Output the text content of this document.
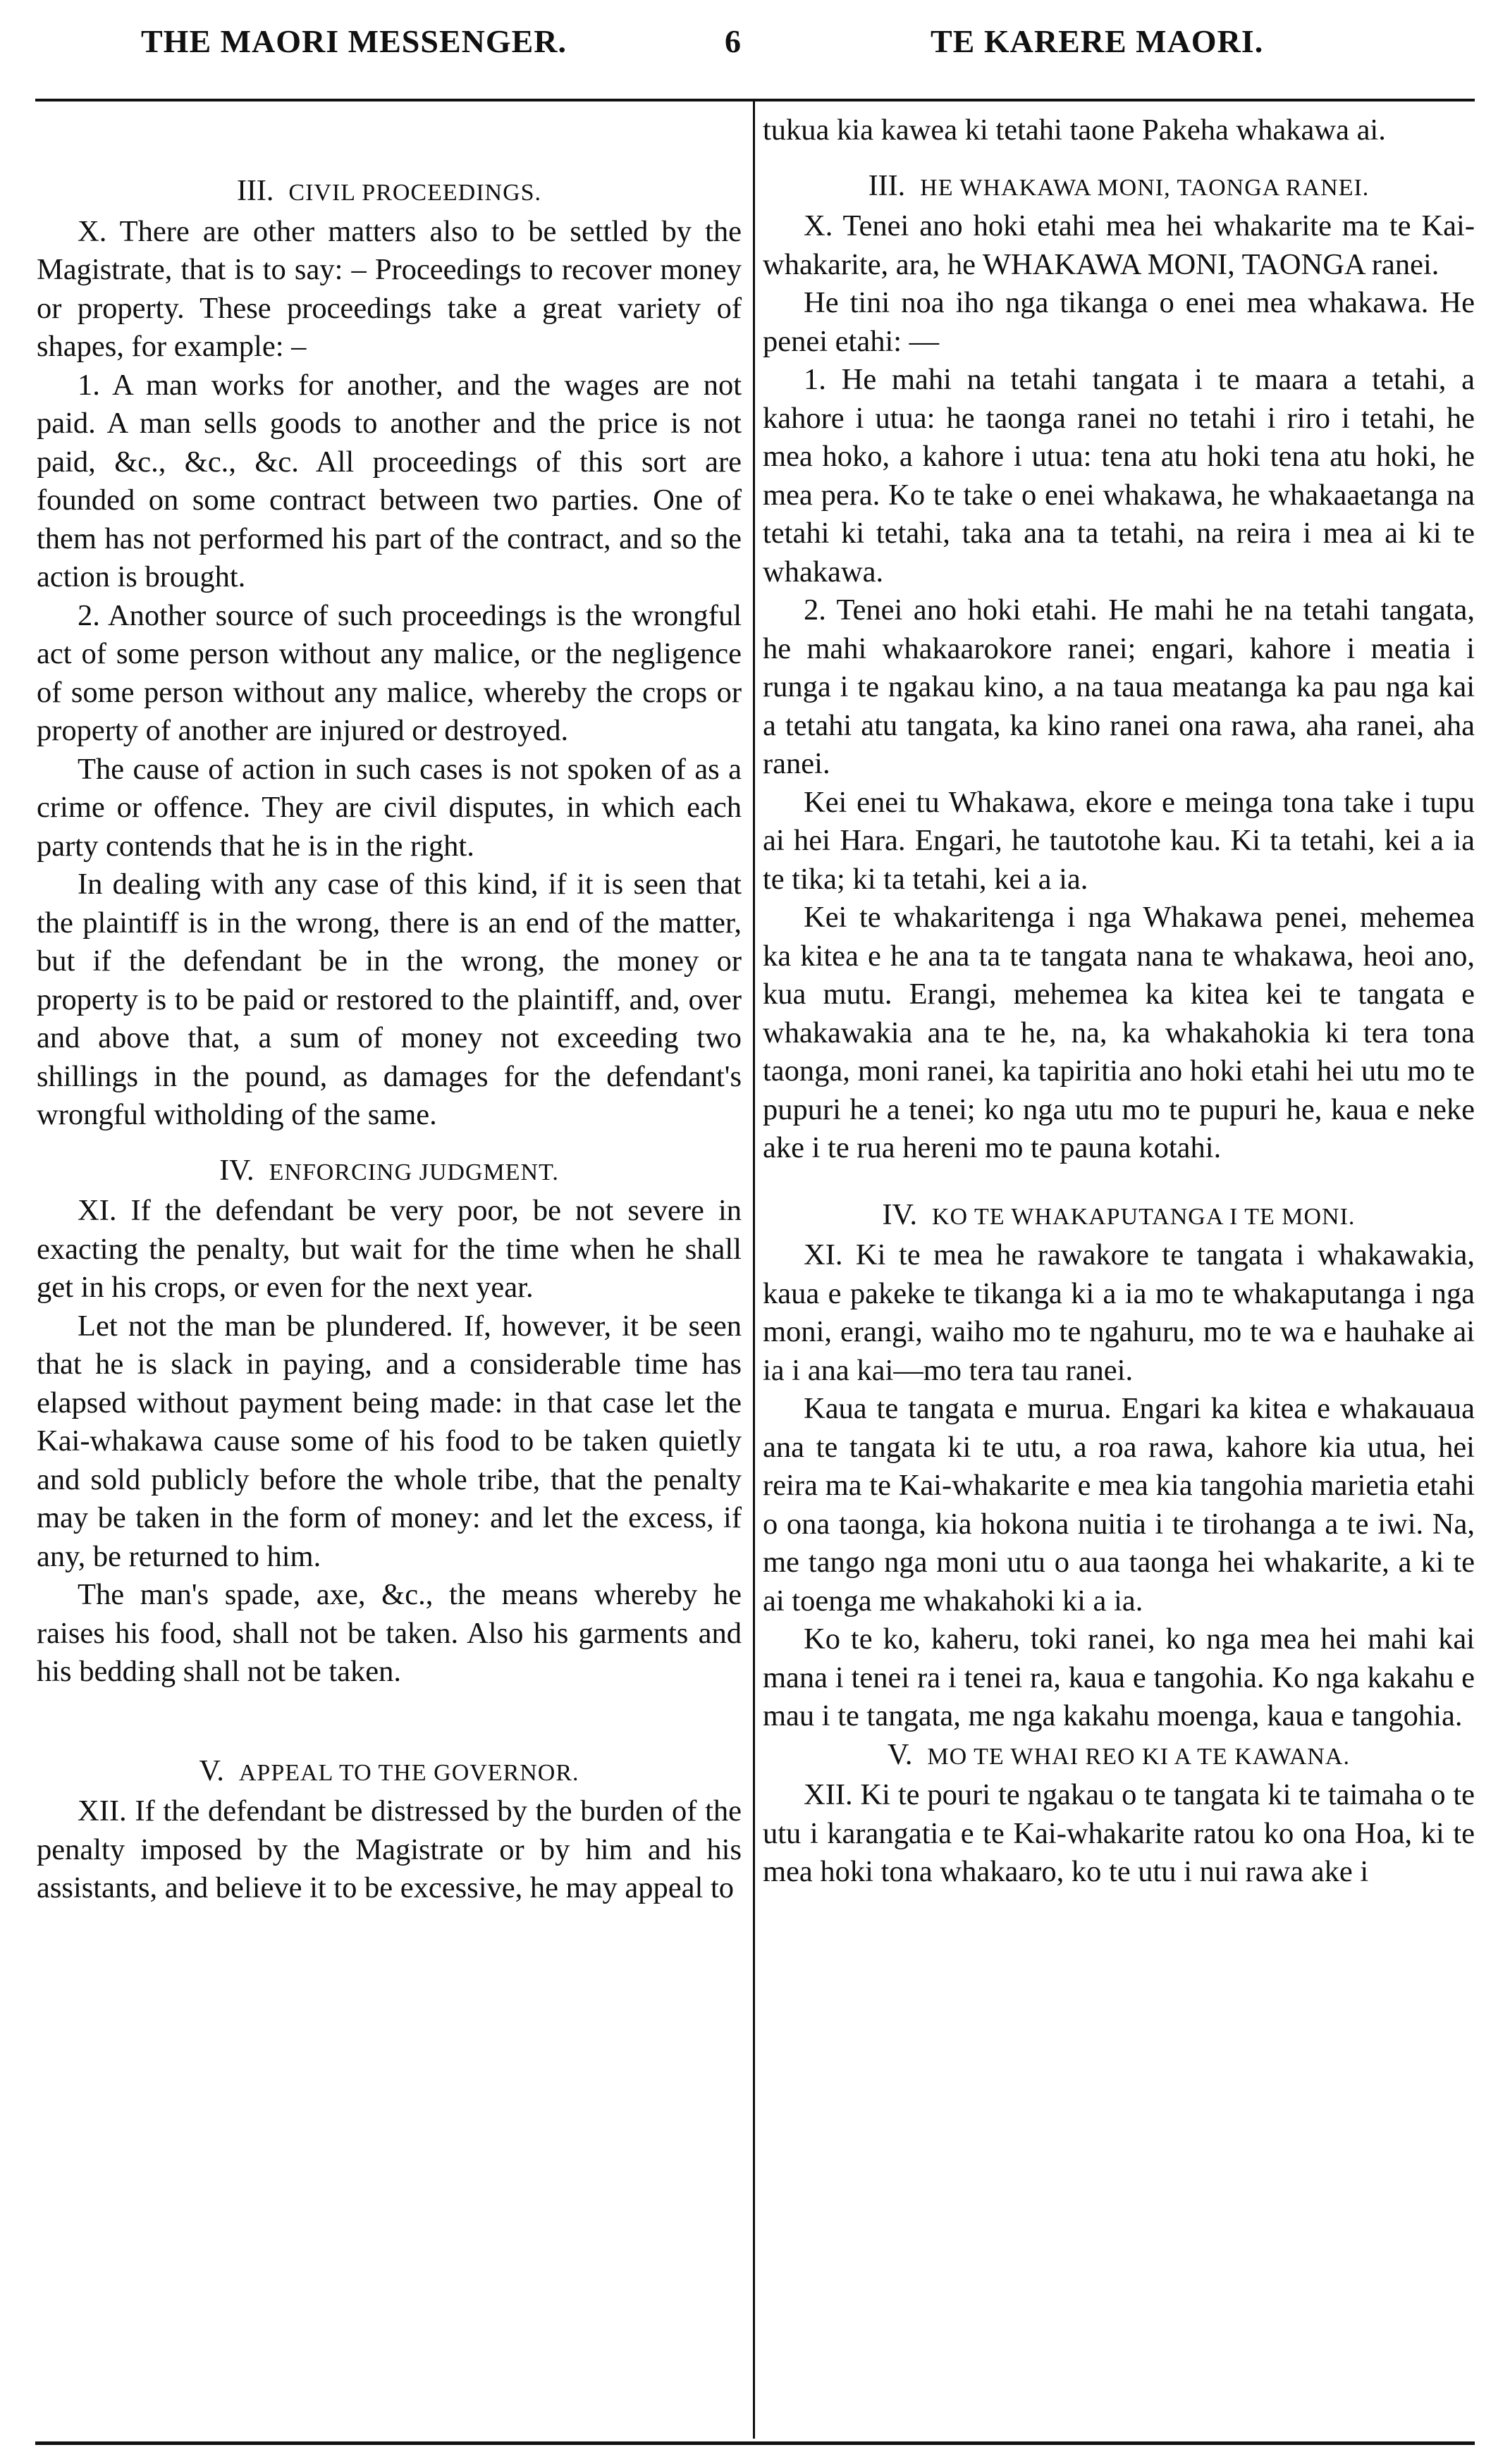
THE MAORI MESSENGER.	6	TE KARERE MAORI.
III. CIVIL PROCEEDINGS.

X. There are other matters also to be settled by the Magistrate, that is to say: – Proceedings to recover money or property. These proceedings take a great variety of shapes, for example: –

1. A man works for another, and the wages are not paid. A man sells goods to another and the price is not paid, &c., &c., &c. All proceedings of this sort are founded on some contract between two parties. One of them has not performed his part of the contract, and so the action is brought.

2. Another source of such proceedings is the wrongful act of some person without any malice, or the negligence of some person without any malice, whereby the crops or property of another are injured or destroyed.

The cause of action in such cases is not spoken of as a crime or offence. They are civil disputes, in which each party contends that he is in the right.

In dealing with any case of this kind, if it is seen that the plaintiff is in the wrong, there is an end of the matter, but if the defendant be in the wrong, the money or property is to be paid or restored to the plaintiff, and, over and above that, a sum of money not exceeding two shillings in the pound, as damages for the defendant's wrongful witholding of the same.

IV. ENFORCING JUDGMENT.

XI. If the defendant be very poor, be not severe in exacting the penalty, but wait for the time when he shall get in his crops, or even for the next year.

Let not the man be plundered. If, however, it be seen that he is slack in paying, and a considerable time has elapsed without payment being made: in that case let the Kai-whakawa cause some of his food to be taken quietly and sold publicly before the whole tribe, that the penalty may be taken in the form of money: and let the excess, if any, be returned to him.

The man's spade, axe, &c., the means whereby he raises his food, shall not be taken. Also his garments and his bedding shall not be taken.

V. APPEAL TO THE GOVERNOR.

XII. If the defendant be distressed by the burden of the penalty imposed by the Magistrate or by him and his assistants, and believe it to be excessive, he may appeal to

tukua kia kawea ki tetahi taone Pakeha whakawa ai.

III. HE WHAKAWA MONI, TAONGA RANEI.

X. Tenei ano hoki etahi mea hei whakarite ma te Kai-whakarite, ara, he WHAKAWA MONI, TAONGA ranei.

He tini noa iho nga tikanga o enei mea whakawa. He penei etahi: —

1. He mahi na tetahi tangata i te maara a tetahi, a kahore i utua: he taonga ranei no tetahi i riro i tetahi, he mea hoko, a kahore i utua: tena atu hoki tena atu hoki, he mea pera. Ko te take o enei whakawa, he whakaaetanga na tetahi ki tetahi, taka ana ta tetahi, na reira i mea ai ki te whakawa.

2. Tenei ano hoki etahi. He mahi he na tetahi tangata, he mahi whakaarokore ranei; engari, kahore i meatia i runga i te ngakau kino, a na taua meatanga ka pau nga kai a tetahi atu tangata, ka kino ranei ona rawa, aha ranei, aha ranei.

Kei enei tu Whakawa, ekore e meinga tona take i tupu ai hei Hara. Engari, he tautotohe kau. Ki ta tetahi, kei a ia te tika; ki ta tetahi, kei a ia.

Kei te whakaritenga i nga Whakawa penei, mehemea ka kitea e he ana ta te tangata nana te whakawa, heoi ano, kua mutu. Erangi, mehemea ka kitea kei te tangata e whakawakia ana te he, na, ka whakahokia ki tera tona taonga, moni ranei, ka tapiritia ano hoki etahi hei utu mo te pupuri he a tenei; ko nga utu mo te pupuri he, kaua e neke ake i te rua hereni mo te pauna kotahi.

IV. KO TE WHAKAPUTANGA I TE MONI.

XI. Ki te mea he rawakore te tangata i whakawakia, kaua e pakeke te tikanga ki a ia mo te whakaputanga i nga moni, erangi, waiho mo te ngahuru, mo te wa e hauhake ai ia i ana kai—mo tera tau ranei.

Kaua te tangata e murua. Engari ka kitea e whakauaua ana te tangata ki te utu, a roa rawa, kahore kia utua, hei reira ma te Kai-whakarite e mea kia tangohia marietia etahi o ona taonga, kia hokona nuitia i te tirohanga a te iwi. Na, me tango nga moni utu o aua taonga hei whakarite, a ki te ai toenga me whakahoki ki a ia.

Ko te ko, kaheru, toki ranei, ko nga mea hei mahi kai mana i tenei ra i tenei ra, kaua e tangohia. Ko nga kakahu e mau i te tangata, me nga kakahu moenga, kaua e tangohia.

V. MO TE WHAI REO KI A TE KAWANA.

XII. Ki te pouri te ngakau o te tangata ki te taimaha o te utu i karangatia e te Kai-whakarite ratou ko ona Hoa, ki te mea hoki tona whakaaro, ko te utu i nui rawa ake i
